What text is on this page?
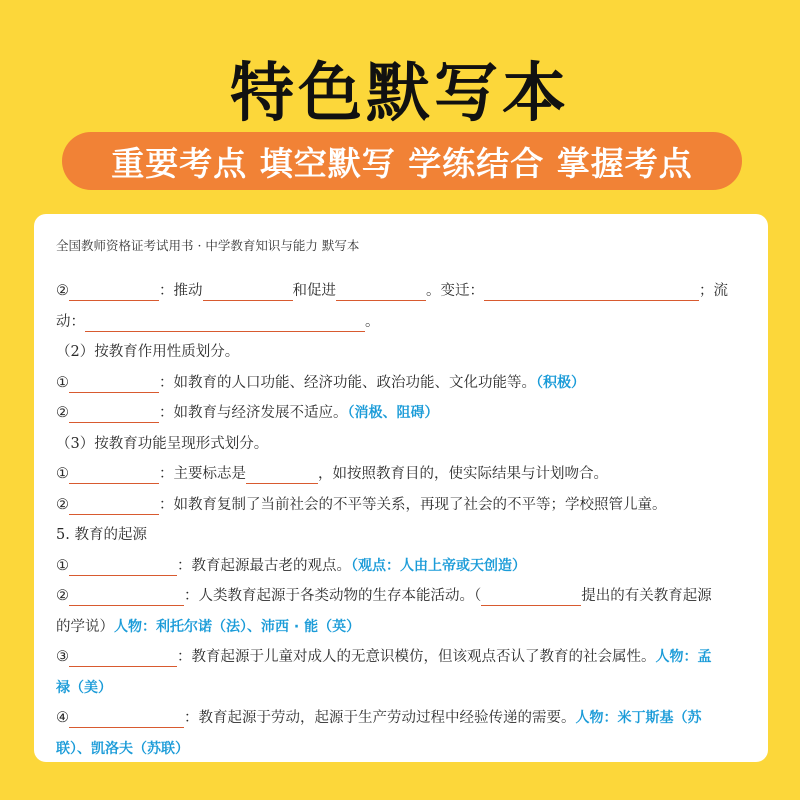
特色默写本
重要考点 填空默写 学练结合 掌握考点
全国教师资格证考试用书 · 中学教育知识与能力 默写本
②	：推动	和促进	。变迁：	；流
动：	。
（2）按教育作用性质划分。
①	：如教育的人口功能、经济功能、政治功能、文化功能等。（积极）
②	：如教育与经济发展不适应。（消极、阻碍）
（3）按教育功能呈现形式划分。
①	：主要标志是	，如按照教育目的，使实际结果与计划吻合。
②	：如教育复制了当前社会的不平等关系，再现了社会的不平等；学校照管儿童。
5. 教育的起源
①	：教育起源最古老的观点。（观点：人由上帝或天创造）
②	：人类教育起源于各类动物的生存本能活动。（	提出的有关教育起源
的学说）人物：利托尔诺（法）、沛西 · 能（英）
③	：教育起源于儿童对成人的无意识模仿，但该观点否认了教育的社会属性。人物：孟
禄（美）
④	：教育起源于劳动，起源于生产劳动过程中经验传递的需要。人物：米丁斯基（苏
联）、凯洛夫（苏联）
